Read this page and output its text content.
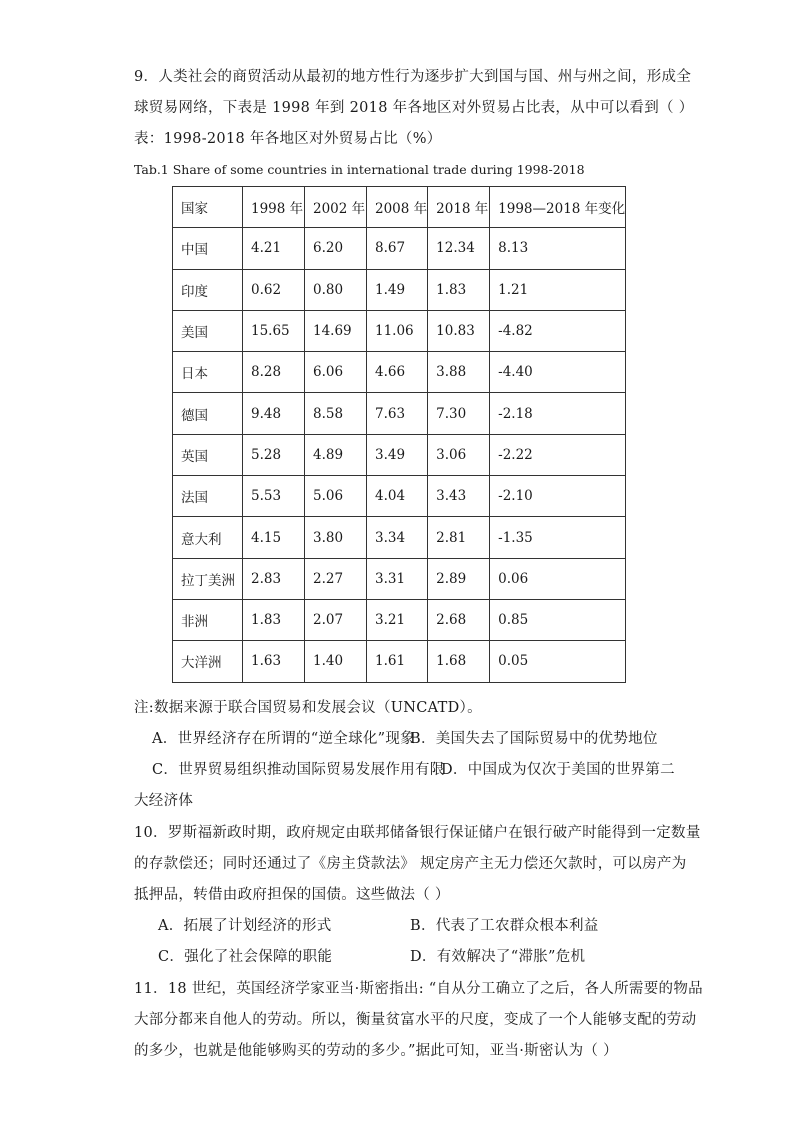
9．人类社会的商贸活动从最初的地方性行为逐步扩大到国与国、州与州之间，形成全
球贸易网络，下表是 1998 年到 2018 年各地区对外贸易占比表，从中可以看到（ ）
表：1998-2018 年各地区对外贸易占比（%）
Tab.1 Share of some countries in international trade during 1998-2018
国家	1998 年	2002 年	2008 年	2018 年	1998—2018 年变化
中国	4.21	6.20	8.67	12.34	8.13
印度	0.62	0.80	1.49	1.83	1.21
美国	15.65	14.69	11.06	10.83	-4.82
日本	8.28	6.06	4.66	3.88	-4.40
德国	9.48	8.58	7.63	7.30	-2.18
英国	5.28	4.89	3.49	3.06	-2.22
法国	5.53	5.06	4.04	3.43	-2.10
意大利	4.15	3.80	3.34	2.81	-1.35
拉丁美洲	2.83	2.27	3.31	2.89	0.06
非洲	1.83	2.07	3.21	2.68	0.85
大洋洲	1.63	1.40	1.61	1.68	0.05
注:数据来源于联合国贸易和发展会议（UNCATD）。
A．世界经济存在所谓的“逆全球化”现象
B．美国失去了国际贸易中的优势地位
C．世界贸易组织推动国际贸易发展作用有限
D．中国成为仅次于美国的世界第二
大经济体
10．罗斯福新政时期，政府规定由联邦储备银行保证储户在银行破产时能得到一定数量
的存款偿还；同时还通过了《房主贷款法》 规定房产主无力偿还欠款时，可以房产为
抵押品，转借由政府担保的国债。这些做法（ ）
A．拓展了计划经济的形式	B．代表了工农群众根本利益
C．强化了社会保障的职能	D．有效解决了“滞胀”危机
11．18 世纪，英国经济学家亚当·斯密指出: “自从分工确立了之后，各人所需要的物品
大部分都来自他人的劳动。所以，衡量贫富水平的尺度，变成了一个人能够支配的劳动
的多少，也就是他能够购买的劳动的多少。”据此可知，亚当·斯密认为（ ）
